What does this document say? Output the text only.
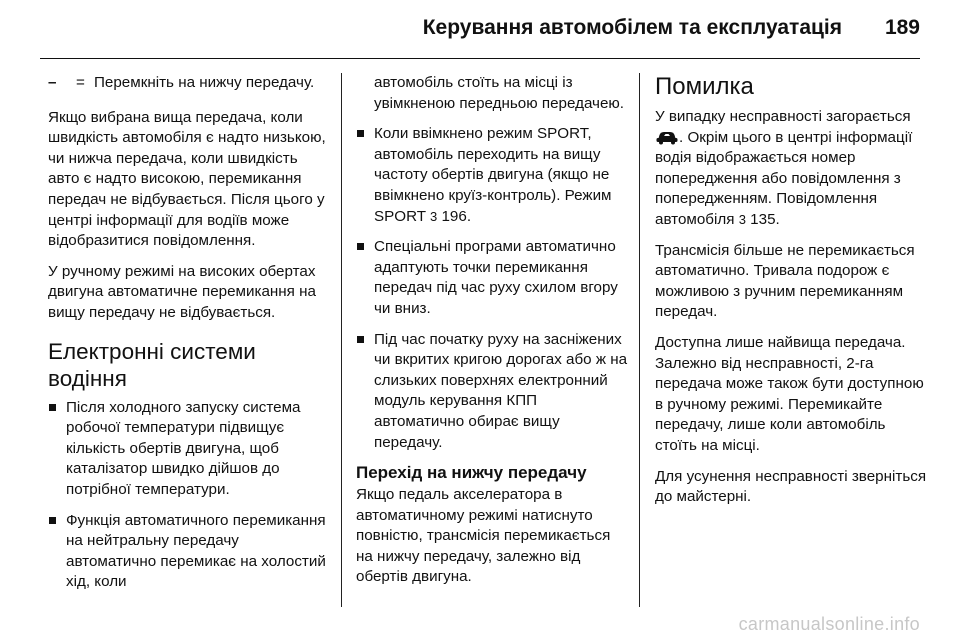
Керування автомобілем та експлуатація 189
–	= Перемкніть на нижчу передачу.

Якщо вибрана вища передача, коли швидкість автомобіля є надто низькою, чи нижча передача, коли швидкість авто є надто високою, перемикання передач не відбувається. Після цього у центрі інформації для водіїв може відобразитися повідомлення.

У ручному режимі на високих обертах двигуна автоматичне перемикання на вищу передачу не відбувається.

Електронні системи водіння
Після холодного запуску система робочої температури підвищує кількість обертів двигуна, щоб каталізатор швидко дійшов до потрібної температури.
Функція автоматичного перемикання на нейтральну передачу автоматично перемикає на холостий хід, коли

автомобіль стоїть на місці із увімкненою передньою передачею.

Коли ввімкнено режим SPORT, автомобіль переходить на вищу частоту обертів двигуна (якщо не ввімкнено круїз-контроль). Режим SPORT 3 196.
Спеціальні програми автоматично адаптують точки перемикання передач під час руху схилом вгору чи вниз.
Під час початку руху на засніжених чи вкритих кригою дорогах або ж на слизьких поверхнях електронний модуль керування КПП автоматично обирає вищу передачу.
Перехід на нижчу передачу

Якщо педаль акселератора в автоматичному режимі натиснуто повністю, трансмісія перемикається на нижчу передачу, залежно від обертів двигуна.

Помилка

У випадку несправності загорається . Окрім цього в центрі інформації водія відображається номер попередження або повідомлення з попередженням. Повідомлення автомобіля 3 135.

Трансмісія більше не перемикається автоматично. Тривала подорож є можливою з ручним перемиканням передач.

Доступна лише найвища передача. Залежно від несправності, 2-га передача може також бути доступною в ручному режимі. Перемикайте передачу, лише коли автомобіль стоїть на місці.

Для усунення несправності зверніться до майстерні.

carmanualsonline.info
